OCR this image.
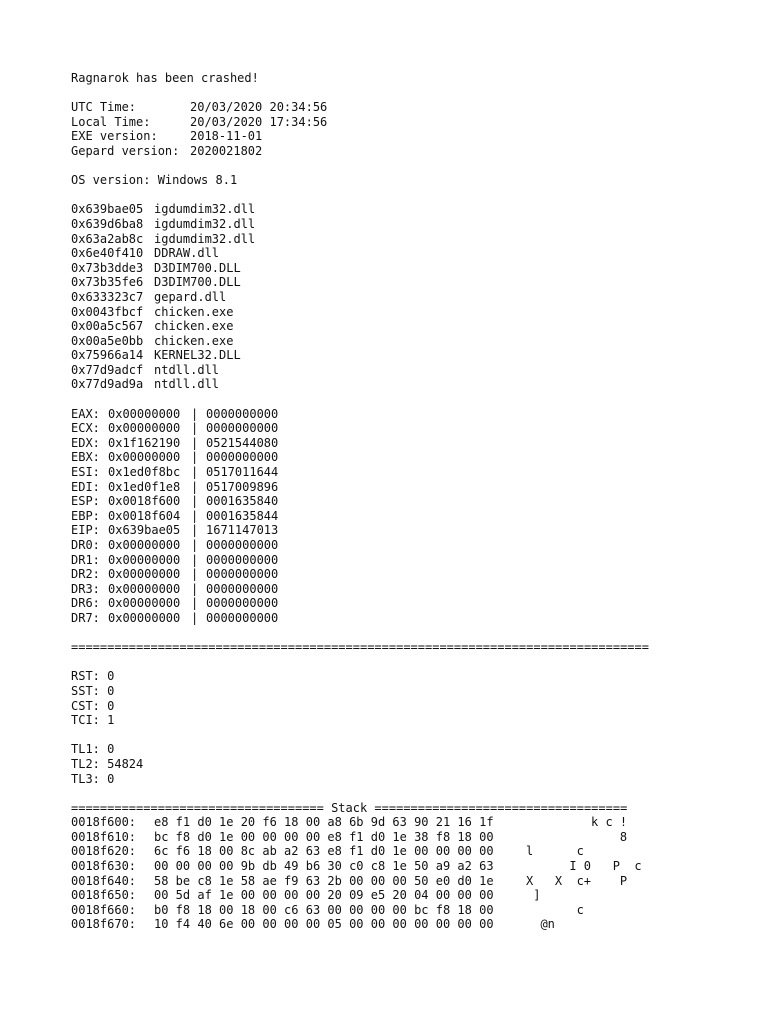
Ragnarok has been crashed!

UTC Time:

	20/03/2020 20:34:56

Local Time:

	20/03/2020 17:34:56

EXE version:

	2018-11-01

Gepard version:

2020021802

OS version: Windows 8.1
0x639bae05 igdumdim32.dll
0x639d6ba8 igdumdim32.dll
0x63a2ab8c igdumdim32.dll
0x6e40f410 DDRAW.dll
0x73b3dde3 D3DIM700.DLL
0x73b35fe6 D3DIM700.DLL
0x633323c7 gepard.dll
0x0043fbcf chicken.exe
0x00a5c567 chicken.exe
0x00a5e0bb chicken.exe
0x75966a14 KERNEL32.DLL
0x77d9adcf ntdll.dll
0x77d9ad9a ntdll.dll
EAX: 0x00000000 | 0000000000
ECX: 0x00000000 | 0000000000
EDX: 0x1f162190 | 0521544080
EBX: 0x00000000 | 0000000000
ESI: 0x1ed0f8bc | 0517011644
EDI: 0x1ed0f1e8 | 0517009896
ESP: 0x0018f600 | 0001635840
EBP: 0x0018f604 | 0001635844
EIP: 0x639bae05 | 1671147013
DR0: 0x00000000 | 0000000000
DR1: 0x00000000 | 0000000000
DR2: 0x00000000 | 0000000000
DR3: 0x00000000 | 0000000000
DR6: 0x00000000 | 0000000000
DR7: 0x00000000 | 0000000000
================================================================================
RST: 0
SST: 0
CST: 0
TCI: 1
TL1: 0
TL2: 54824
TL3: 0
=================================== Stack ===================================
0018f600: e8 f1 d0 1e 20 f6 18 00 a8 6b 9d 63 90 21 16 1f	k c !
0018f610: bc f8 d0 1e 00 00 00 00 e8 f1 d0 1e 38 f8 18 00	8
0018f620: 6c f6 18 00 8c ab a2 63 e8 f1 d0 1e 00 00 00 00	l      c
0018f630: 00 00 00 00 9b db 49 b6 30 c0 c8 1e 50 a9 a2 63	I 0   P  c
0018f640: 58 be c8 1e 58 ae f9 63 2b 00 00 00 50 e0 d0 1e	X   X  c+    P
0018f650: 00 5d af 1e 00 00 00 00 20 09 e5 20 04 00 00 00	]
0018f660: b0 f8 18 00 18 00 c6 63 00 00 00 00 bc f8 18 00	c
0018f670: 10 f4 40 6e 00 00 00 00 05 00 00 00 00 00 00 00	@n
